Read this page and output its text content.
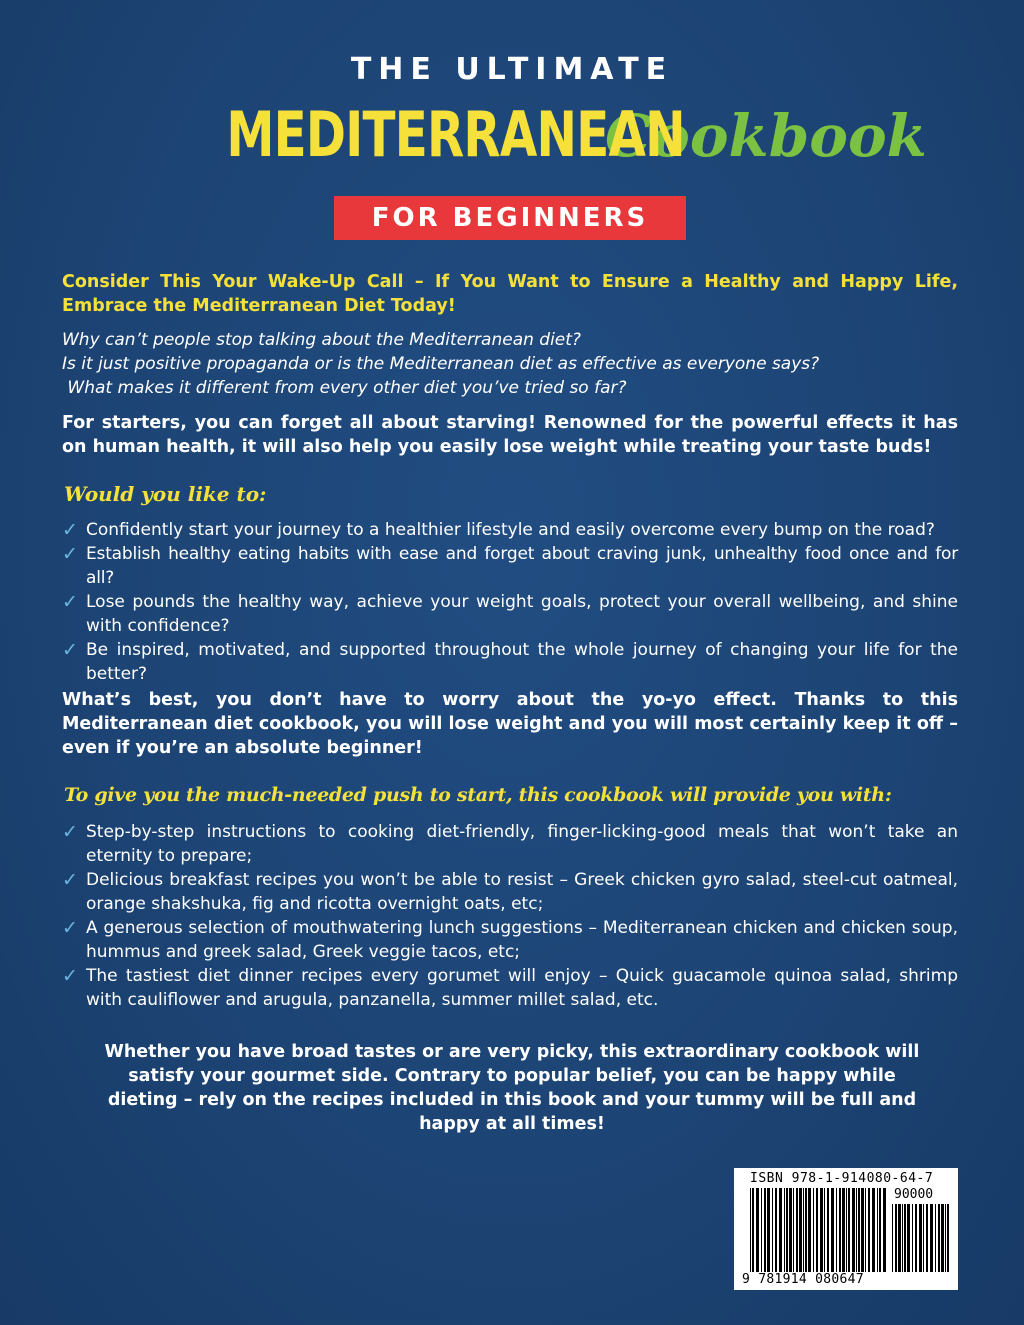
THE ULTIMATE
MEDITERRANEANCookbook
FOR BEGINNERS

Consider This Your Wake-Up Call – If You Want to Ensure a Healthy and Happy Life, Embrace the Mediterranean Diet Today!

Why can’t people stop talking about the Mediterranean diet?
Is it just positive propaganda or is the Mediterranean diet as effective as everyone says?
What makes it different from every other diet you’ve tried so far?

For starters, you can forget all about starving! Renowned for the powerful effects it has on human health, it will also help you easily lose weight while treating your taste buds!

Would you like to:
✓ Confidently start your journey to a healthier lifestyle and easily overcome every bump on the road?
✓ Establish healthy eating habits with ease and forget about craving junk, unhealthy food once and for all?
✓ Lose pounds the healthy way, achieve your weight goals, protect your overall wellbeing, and shine with confidence?
✓ Be inspired, motivated, and supported throughout the whole journey of changing your life for the better?

What’s best, you don’t have to worry about the yo-yo effect. Thanks to this Mediterranean diet cookbook, you will lose weight and you will most certainly keep it off – even if you’re an absolute beginner!

To give you the much-needed push to start, this cookbook will provide you with:
✓ Step-by-step instructions to cooking diet-friendly, finger-licking-good meals that won’t take an eternity to prepare;
✓ Delicious breakfast recipes you won’t be able to resist – Greek chicken gyro salad, steel-cut oatmeal, orange shakshuka, fig and ricotta overnight oats, etc;
✓ A generous selection of mouthwatering lunch suggestions – Mediterranean chicken and chicken soup, hummus and greek salad, Greek veggie tacos, etc;
✓ The tastiest diet dinner recipes every gorumet will enjoy – Quick guacamole quinoa salad, shrimp with cauliflower and arugula, panzanella, summer millet salad, etc.

Whether you have broad tastes or are very picky, this extraordinary cookbook will satisfy your gourmet side. Contrary to popular belief, you can be happy while dieting – rely on the recipes included in this book and your tummy will be full and happy at all times!

ISBN 978-1-914080-64-7
90000
9 781914 080647
